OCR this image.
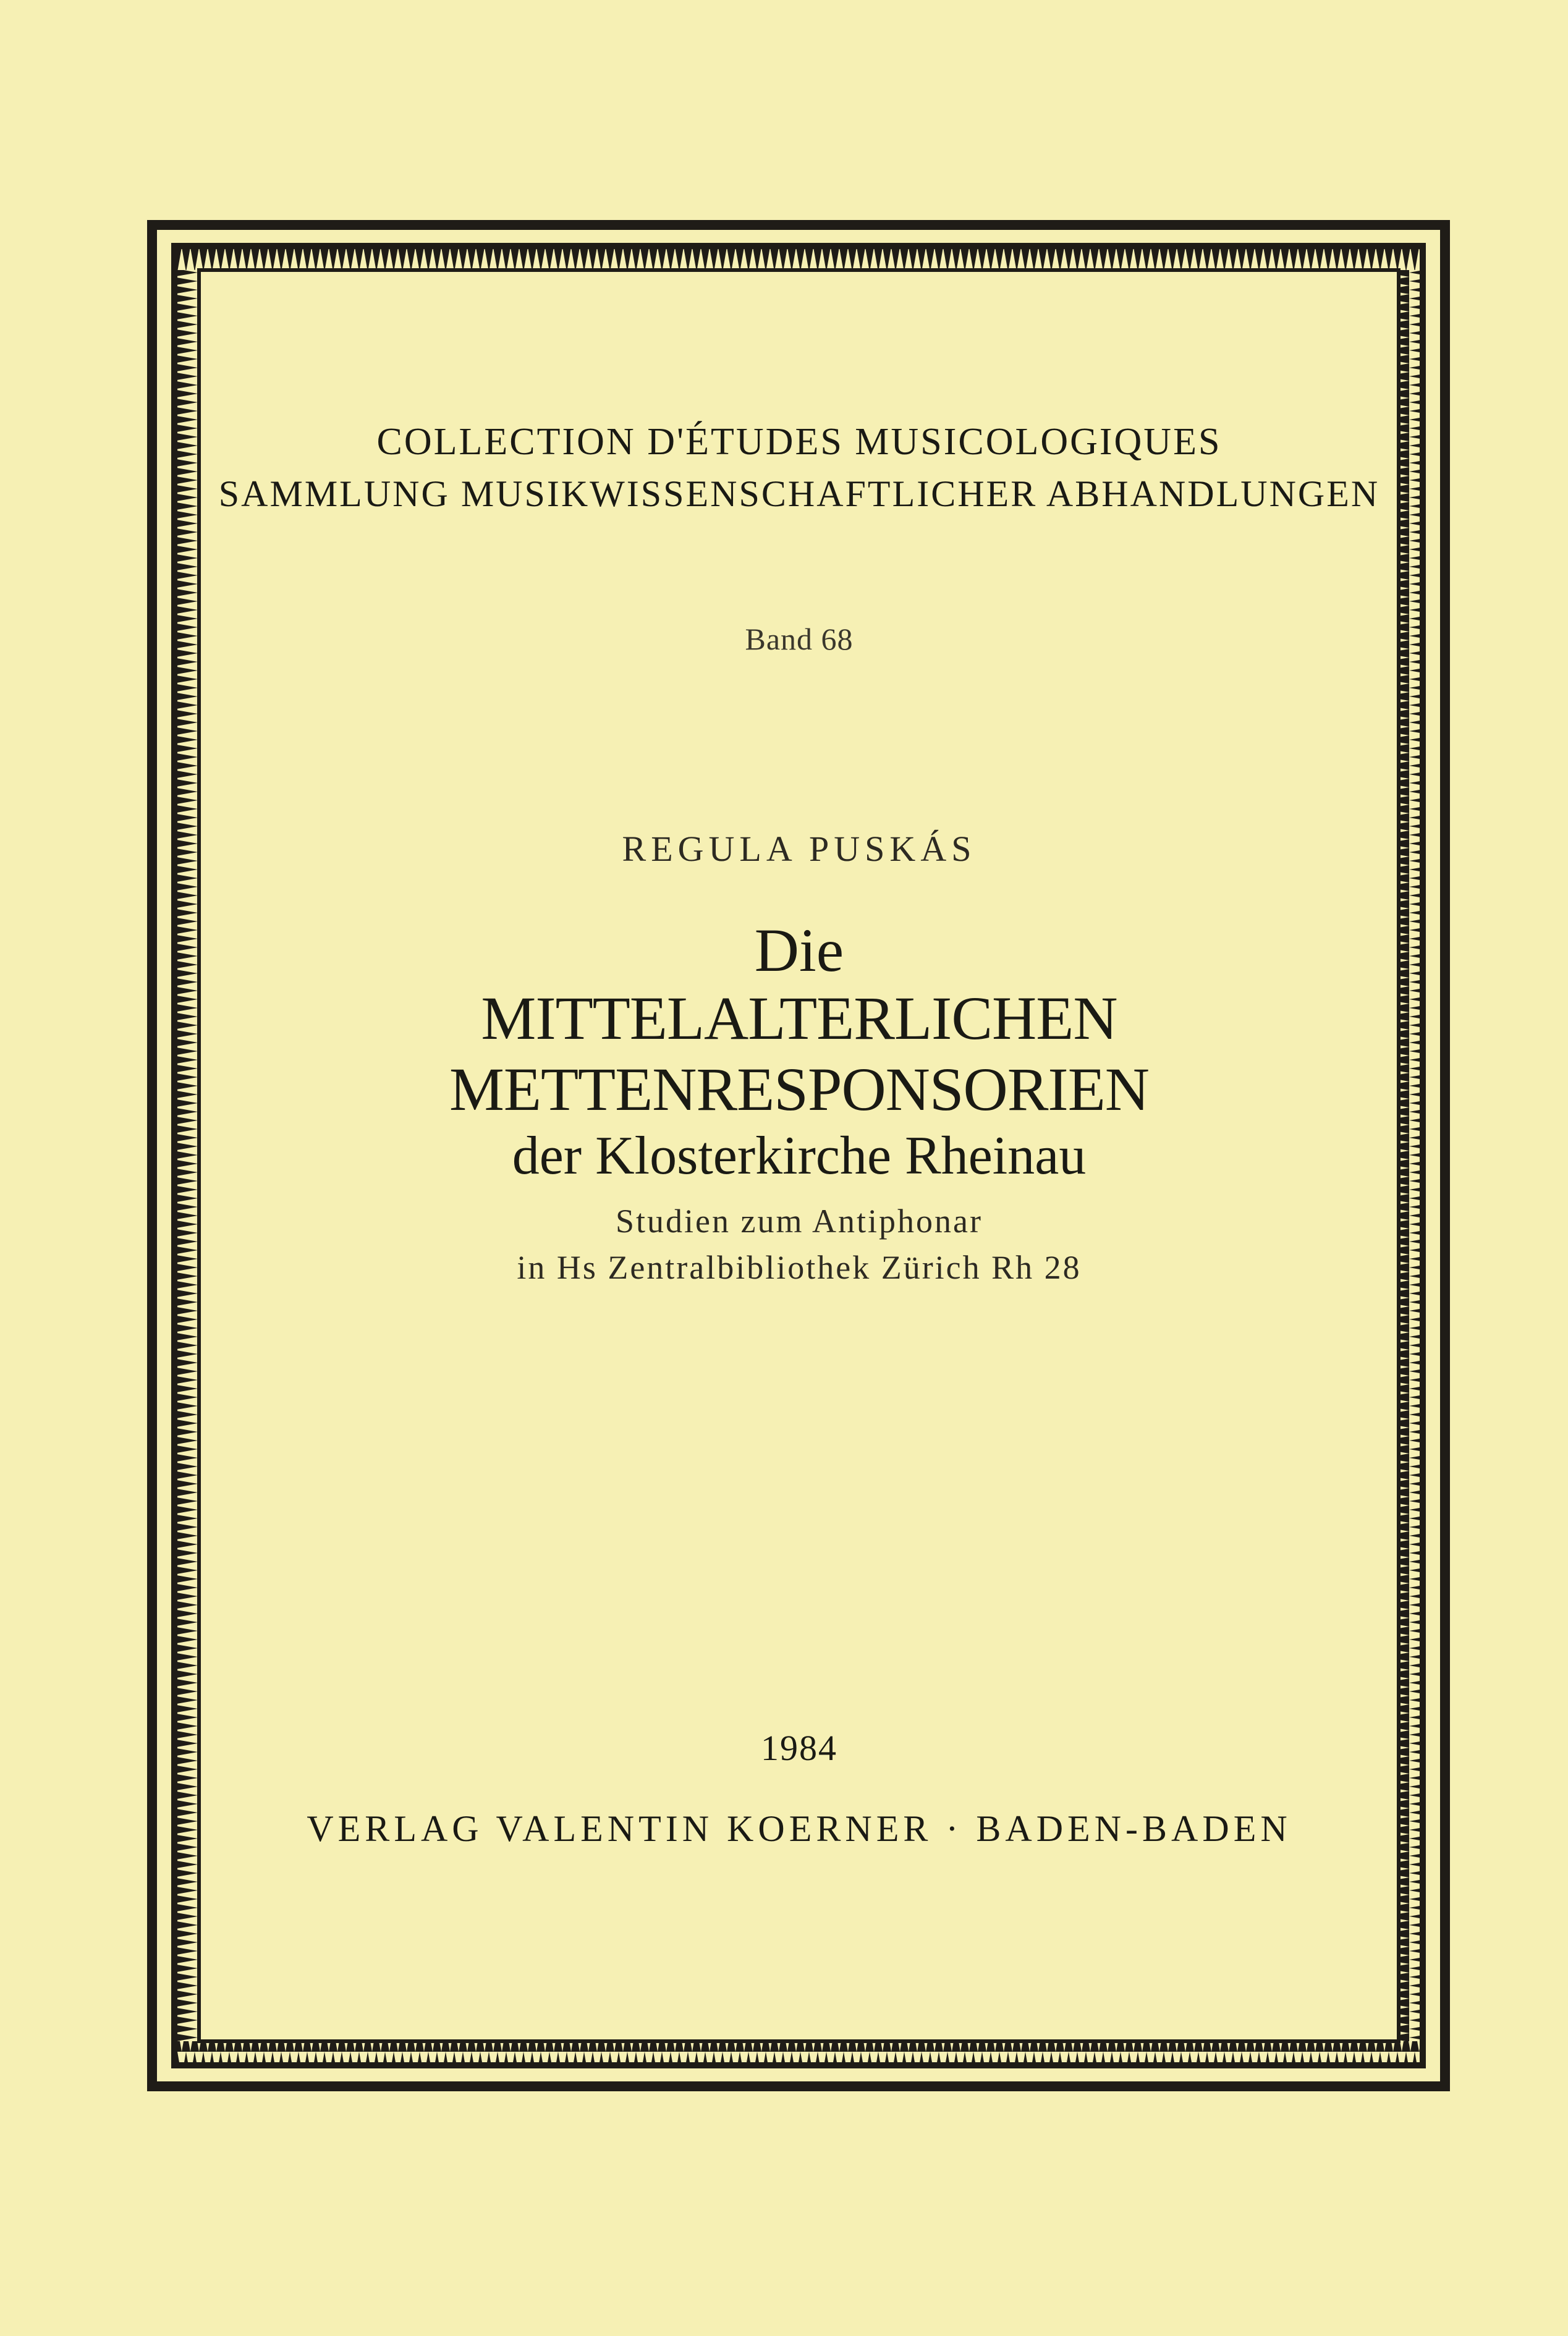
COLLECTION D'ÉTUDES MUSICOLOGIQUES
SAMMLUNG MUSIKWISSENSCHAFTLICHER ABHANDLUNGEN
Band 68
REGULA PUSKÁS
Die
MITTELALTERLICHEN
METTENRESPONSORIEN
der Klosterkirche Rheinau
Studien zum Antiphonar
in Hs Zentralbibliothek Zürich Rh 28
1984
VERLAG VALENTIN KOERNER · BADEN-BADEN
